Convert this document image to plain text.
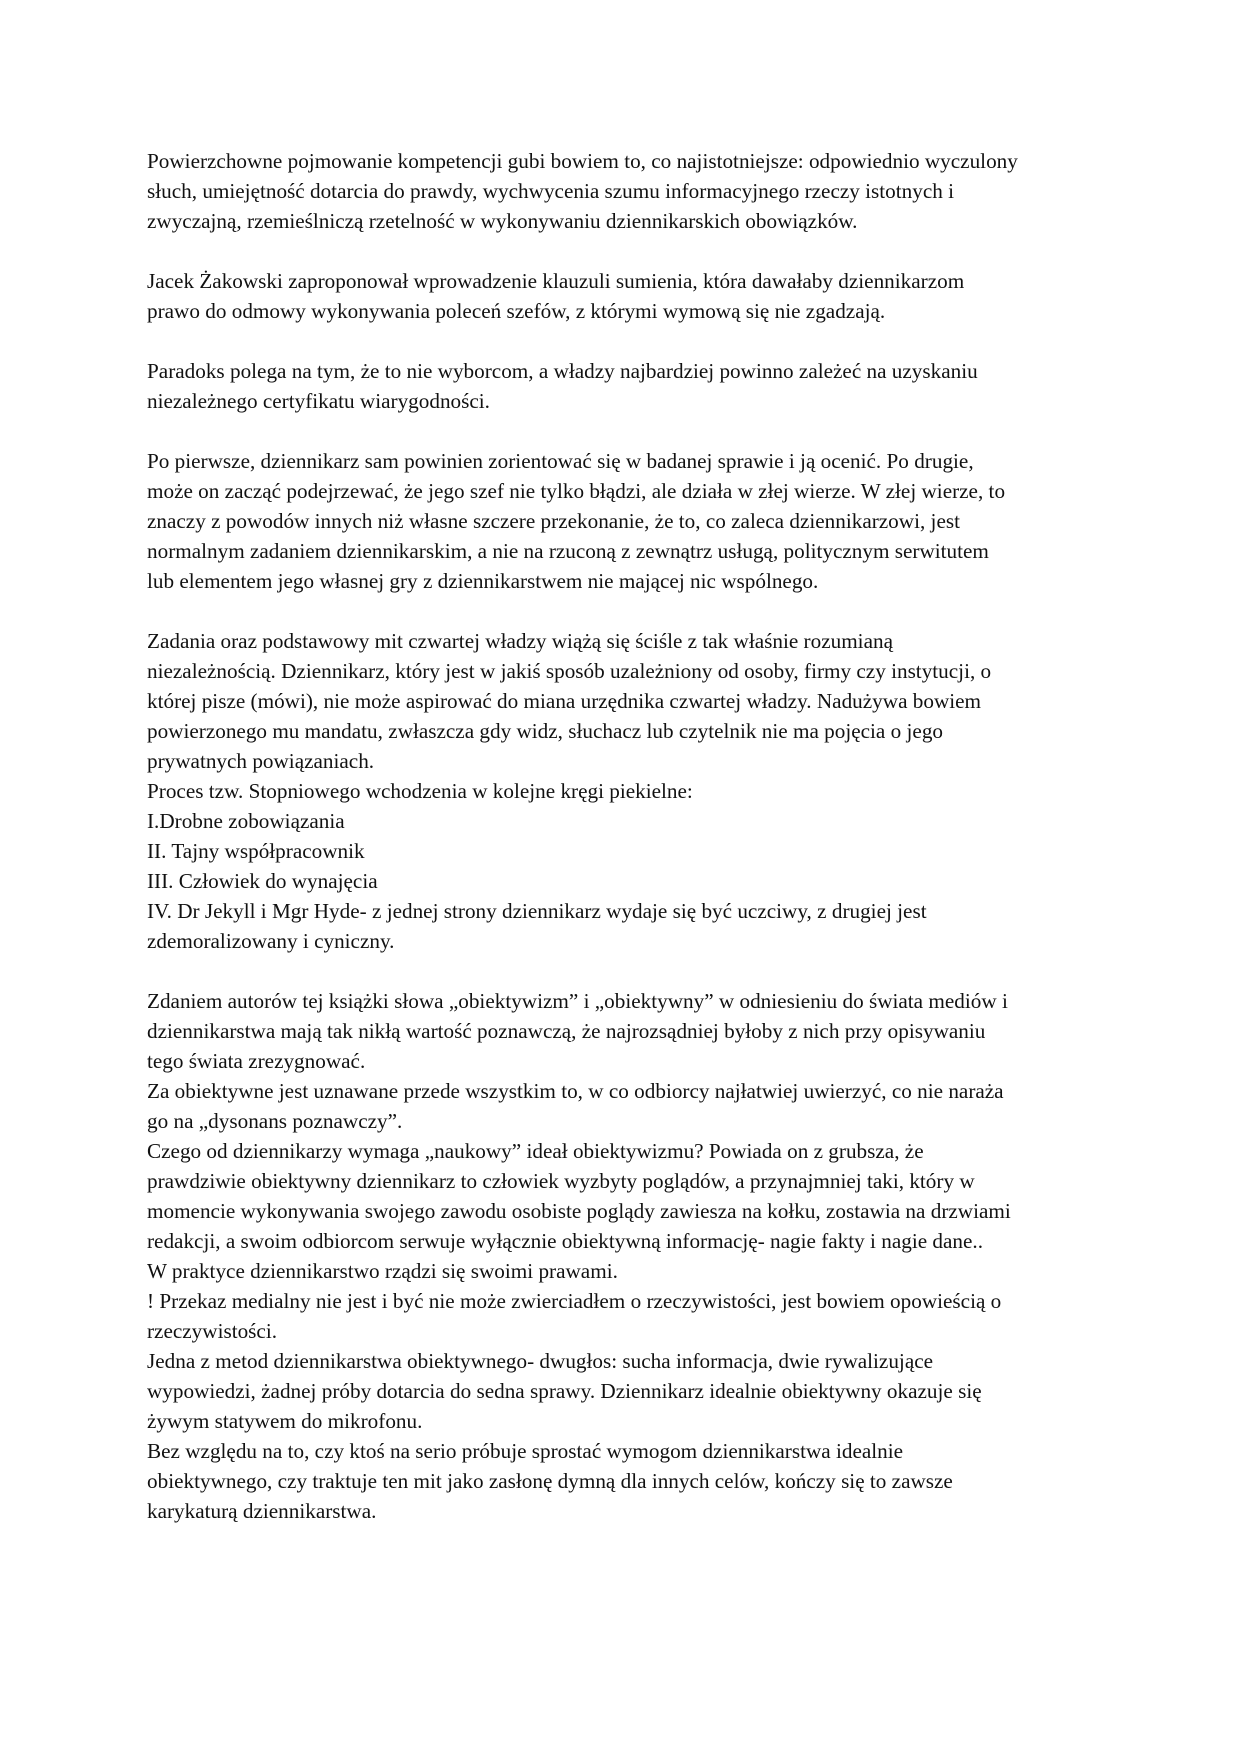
Powierzchowne pojmowanie kompetencji gubi bowiem to, co najistotniejsze: odpowiednio wyczulony
słuch, umiejętność dotarcia do prawdy, wychwycenia szumu informacyjnego rzeczy istotnych i
zwyczajną, rzemieślniczą rzetelność w wykonywaniu dziennikarskich obowiązków.

Jacek Żakowski zaproponował wprowadzenie klauzuli sumienia, która dawałaby dziennikarzom
prawo do odmowy wykonywania poleceń szefów, z którymi wymową się nie zgadzają.

Paradoks polega na tym, że to nie wyborcom, a władzy najbardziej powinno zależeć na uzyskaniu
niezależnego certyfikatu wiarygodności.

Po pierwsze, dziennikarz sam powinien zorientować się w badanej sprawie i ją ocenić. Po drugie,
może on zacząć podejrzewać, że jego szef nie tylko błądzi, ale działa w złej wierze. W złej wierze, to
znaczy z powodów innych niż własne szczere przekonanie, że to, co zaleca dziennikarzowi, jest
normalnym zadaniem dziennikarskim, a nie na rzuconą z zewnątrz usługą, politycznym serwitutem
lub elementem jego własnej gry z dziennikarstwem nie mającej nic wspólnego.

Zadania oraz podstawowy mit czwartej władzy wiążą się ściśle z tak właśnie rozumianą
niezależnością. Dziennikarz, który jest w jakiś sposób uzależniony od osoby, firmy czy instytucji, o
której pisze (mówi), nie może aspirować do miana urzędnika czwartej władzy. Nadużywa bowiem
powierzonego mu mandatu, zwłaszcza gdy widz, słuchacz lub czytelnik nie ma pojęcia o jego
prywatnych powiązaniach.
Proces tzw. Stopniowego wchodzenia w kolejne kręgi piekielne:
I.Drobne zobowiązania
II. Tajny współpracownik
III. Człowiek do wynajęcia
IV. Dr Jekyll i Mgr Hyde- z jednej strony dziennikarz wydaje się być uczciwy, z drugiej jest
zdemoralizowany i cyniczny.

Zdaniem autorów tej książki słowa „obiektywizm” i „obiektywny” w odniesieniu do świata mediów i
dziennikarstwa mają tak nikłą wartość poznawczą, że najrozsądniej byłoby z nich przy opisywaniu
tego świata zrezygnować.
Za obiektywne jest uznawane przede wszystkim to, w co odbiorcy najłatwiej uwierzyć, co nie naraża
go na „dysonans poznawczy”.
Czego od dziennikarzy wymaga „naukowy” ideał obiektywizmu? Powiada on z grubsza, że
prawdziwie obiektywny dziennikarz to człowiek wyzbyty poglądów, a przynajmniej taki, który w
momencie wykonywania swojego zawodu osobiste poglądy zawiesza na kołku, zostawia na drzwiami
redakcji, a swoim odbiorcom serwuje wyłącznie obiektywną informację- nagie fakty i nagie dane..
W praktyce dziennikarstwo rządzi się swoimi prawami.
! Przekaz medialny nie jest i być nie może zwierciadłem o rzeczywistości, jest bowiem opowieścią o
rzeczywistości.
Jedna z metod dziennikarstwa obiektywnego- dwugłos: sucha informacja, dwie rywalizujące
wypowiedzi, żadnej próby dotarcia do sedna sprawy. Dziennikarz idealnie obiektywny okazuje się
żywym statywem do mikrofonu.
Bez względu na to, czy ktoś na serio próbuje sprostać wymogom dziennikarstwa idealnie
obiektywnego, czy traktuje ten mit jako zasłonę dymną dla innych celów, kończy się to zawsze
karykaturą dziennikarstwa.
